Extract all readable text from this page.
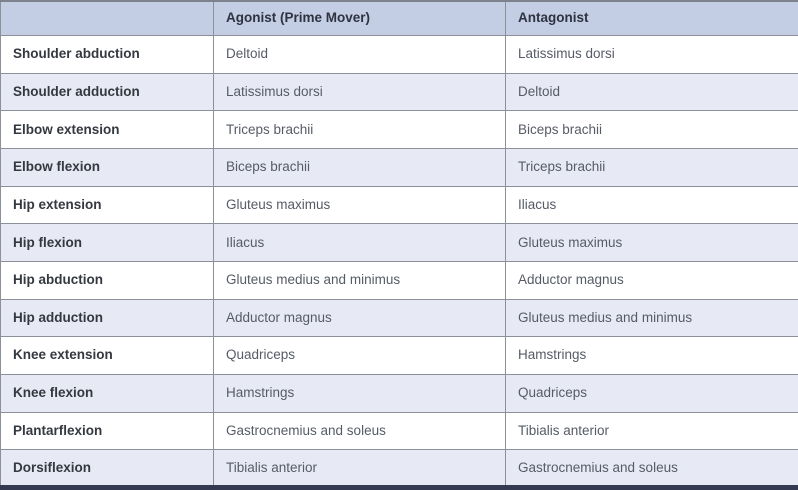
	Agonist (Prime Mover)	Antagonist
Shoulder abduction	Deltoid	Latissimus dorsi
Shoulder adduction	Latissimus dorsi	Deltoid
Elbow extension	Triceps brachii	Biceps brachii
Elbow flexion	Biceps brachii	Triceps brachii
Hip extension	Gluteus maximus	Iliacus
Hip flexion	Iliacus	Gluteus maximus
Hip abduction	Gluteus medius and minimus	Adductor magnus
Hip adduction	Adductor magnus	Gluteus medius and minimus
Knee extension	Quadriceps	Hamstrings
Knee flexion	Hamstrings	Quadriceps
Plantarflexion	Gastrocnemius and soleus	Tibialis anterior
Dorsiflexion	Tibialis anterior	Gastrocnemius and soleus
